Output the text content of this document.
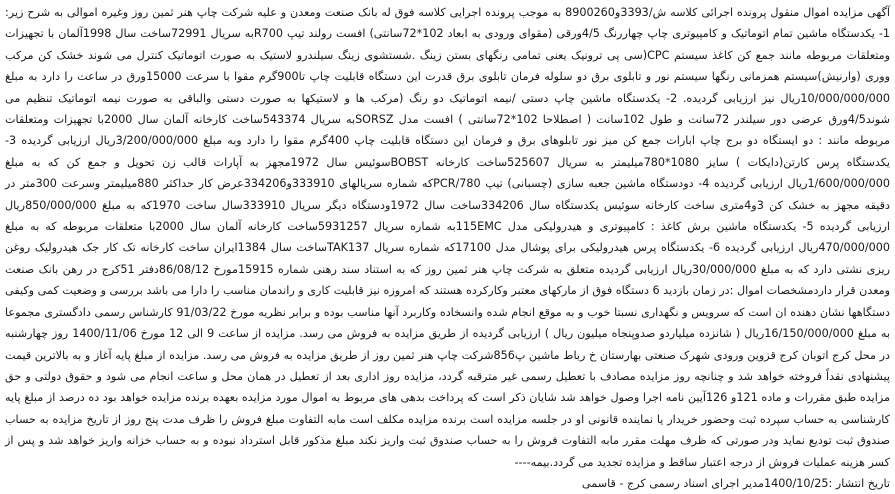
آگهی مزایده اموال منقول پرونده اجرائی کلاسه ش/3393و8900260 به موجب پرونده اجرایی کلاسه فوق له بانک صنعت ومعدن و علیه شرکت چاپ هنر ثمین روز وغیره اموالی به شرح زیر: 1- یکدستگاه ماشین تمام اتوماتیک و کامپیوتری چاپ چهاررنگ 4/5ورقی (مقوای ورودی به ابعاد 102*72سانتی) افست رولند تیپ R700به سریال 72991ساخت سال 1998آلمان با تجهیزات ومتعلقات مربوطه مانند جمع کن کاغذ سیستم CPC(سی پی ترونیک یعنی تمامی رنگهای بستن زینگ .شستشوی زینگ سیلندرو لاستیک به صورت اتوماتیک کنترل می شوند خشک کن مرکب ووری (وارنیش)سیستم همزمانی رنگها سیستم نور و تابلوی برق دو سلوله فرمان تابلوی برق قدرت این دستگاه قابلیت چاپ تا900گرم مقوا با سرعت 15000ورق در ساعت را دارد به مبلغ 10/000/000/000ریال نیز ارزیابی گردیده. 2- یکدستگاه ماشین چاپ دستی /نیمه اتوماتیک دو رنگ (مرکب ها و لاستیکها به صورت دستی والباقی به صورت نیمه اتوماتیک تنظیم می شوند4/5ورق عرضی دور سیلندر 72سانت و طول 102سانت ( اصطلاحا 102*72سانتی ) افست مدل SORSZبه سریال 543374ساخت کارخانه آلمان سال 2000با تجهیزات ومتعلقات مربوطه مانند : دو ایستگاه دو برج چاپ ابارات جمع کن میز نور تابلوهای برق و فرمان این دستگاه قابلیت چاپ 400گرم مقوا را دارد وبه مبلغ 3/200/000/000ریال ارزیابی گردیده 3- یکدستگاه پرس کارتن(دایکات ) سایز 1080*780میلیمتر به سریال 525607ساخت کارخانه BOBSTسوئیس سال 1972مجهز به آپارات قالب زن تحویل و جمع کن که به مبلغ 1/600/000/000ریال ارزیابی گردیده 4- دودستگاه ماشین جعبه سازی (چسبانی) تیپ PCR/780که شماره سریالهای 333910و334206عرض کار حداکثر 880میلیمتر وسرعت 300متر در دقیقه مجهز به خشک کن 3و4متری ساخت کارخانه سوئیس یکدستگاه سال 334206ساخت سال 1972ودستگاه دیگر سریال 333910سال ساخت 1970که به مبلغ 850/000/000ریال ارزیابی گردیده 5- یکدستگاه ماشین برش کاغذ : کامپیوتری و هیدرولیکی مدل 115EMCبه شماره سریال 5931257ساخت کارخانه آلمان سال 2000با متعلقات مربوطه که به مبلغ 470/000/000ریال ارزیابی گردیده 6- یکدستگاه پرس هیدرولیکی برای پوشال مدل 17100که شماره سریال TAK137ساخت سال 1384ایران ساخت کارخانه تک کار جک هیدرولیک روغن ریزی نشتی دارد که به مبلغ 30/000/000ریال ارزیابی گردیده متعلق به شرکت چاپ هنر ثمین روز که به استناد سند رهنی شماره 15915مورخ 86/08/12دفتر 51کرج در رهن بانک صنعت ومعدن قرار داردمشخصات اموال :در زمان بازدید 6 دستگاه فوق از مارکهای معتبر وکارکرده هستند که امروزه نیز قابلیت کاری و راندمان مناسب را دارا می باشد بررسی و وضعیت کمی وکیفی دستگاهها نشان دهنده ان است که سرویس و نگهداری نسبتا خوب و به موقع انجام شده وانسخاده وکاربرد آنها مناسب بوده و برابر نظریه مورخ 91/03/22 کارشناس رسمی دادگستری مجموعا به مبلغ 16/150/000/000ریال ( شانزده میلیاردو صدوپنجاه میلیون ریال ) ارزیابی گردیده از طریق مزایده به فروش می رسد. مزایده از ساعت 9 الی 12 مورخ 1400/11/06 روز چهارشنبه در محل کرج اتوبان کرج قزوین ورودی شهرک صنعتی بهارستان خ رباط ماشین پ856شرکت چاپ هنر ثمین روز از طریق مزایده به فروش می رسد. مزایده از مبلغ پایه آغاز و به بالاترین قیمت پیشنهادی نقداً فروخته خواهد شد و چنانچه روز مزایده مصادف با تعطیل رسمی غیر مترقبه گردد، مزایده روز اداری بعد از تعطیل در همان محل و ساعت انجام می شود و حقوق دولتی و حق مزایده طبق مقررات و ماده 121و 126آیین نامه اجرا وصول خواهد شد شایان ذکر است که پرداخت بدهی های مربوط به اموال مورد مزایده بعهده برنده مزایده خواهد بود ده درصد از مبلغ پایه کارشناسی به حساب سپرده ثبت وحضور خریدار یا نماینده قانونی او در جلسه مزایده است برنده مزایده مکلف است مابه التفاوت مبلغ فروش را ظرف مدت پنج روز از تاریخ مزایده به حساب صندوق ثبت تودیع نماید ودر صورتی که ظرف مهلت مقرر مابه التفاوت فروش را به حساب صندوق ثبت واریز نکند مبلغ مذکور قابل استرداد نبوده و به حساب خزانه واریز خواهد شد و پس از کسر هزینه عملیات فروش از درجه اعتبار ساقط و مزایده تجدید می گردد.بیمه----

تاریخ انتشار :1400/10/25مدیر اجرای اسناد رسمی کرج - قاسمی
